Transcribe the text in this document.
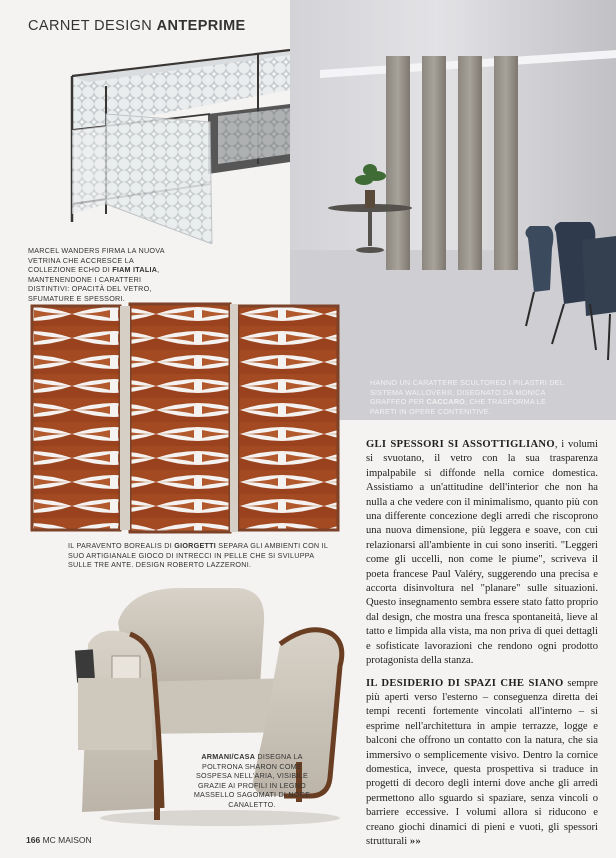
CARNET DESIGN ANTEPRIME
MARCEL WANDERS FIRMA LA NUOVA VETRINA CHE ACCRESCE LA COLLEZIONE ECHO DI FIAM ITALIA, MANTENENDONE I CARATTERI DISTINTIVI: OPACITÀ DEL VETRO, SFUMATURE E SPESSORI.
HANNO UN CARATTERE SCULTOREO I PILASTRI DEL SISTEMA WALLOVER®, DISEGNATO DA MONICA GRAFFEO PER CACCARO, CHE TRASFORMA LE PARETI IN OPERE CONTENITIVE.
IL PARAVENTO BOREALIS DI GIORGETTI SEPARA GLI AMBIENTI CON IL SUO ARTIGIANALE GIOCO DI INTRECCI IN PELLE CHE SI SVILUPPA SULLE TRE ANTE. DESIGN ROBERTO LAZZERONI.
ARMANI/CASA DISEGNA LA POLTRONA SHARON COME SOSPESA NELL'ARIA, VISIBILE GRAZIE AI PROFILI IN LEGNO MASSELLO SAGOMATI DI NOCE CANALETTO.

GLI SPESSORI SI ASSOTTIGLIANO, i volumi si svuotano, il vetro con la sua trasparenza impalpabile si diffonde nella cornice domestica. Assistiamo a un'attitudine dell'interior che non ha nulla a che vedere con il minimalismo, quanto più con una differente concezione degli arredi che riscoprono una nuova dimensione, più leggera e soave, con cui relazionarsi all'ambiente in cui sono inseriti. "Leggeri come gli uccelli, non come le piume", scriveva il poeta francese Paul Valéry, suggerendo una precisa e accorta disinvoltura nel "planare" sulle situazioni. Questo insegnamento sembra essere stato fatto proprio dal design, che mostra una fresca spontaneità, lieve al tatto e limpida alla vista, ma non priva di quei dettagli e sofisticate lavorazioni che rendono ogni prodotto protagonista della stanza.

IL DESIDERIO DI SPAZI CHE SIANO sempre più aperti verso l'esterno – conseguenza diretta dei tempi recenti fortemente vincolati all'interno – si esprime nell'architettura in ampie terrazze, logge e balconi che offrono un contatto con la natura, che sia immersivo o semplicemente visivo. Dentro la cornice domestica, invece, questa prospettiva si traduce in progetti di decoro degli interni dove anche gli arredi permettono allo sguardo si spaziare, senza vincoli o barriere eccessive. I volumi allora si riducono e creano giochi dinamici di pieni e vuoti, gli spessori strutturali »»

166 MC MAISON
